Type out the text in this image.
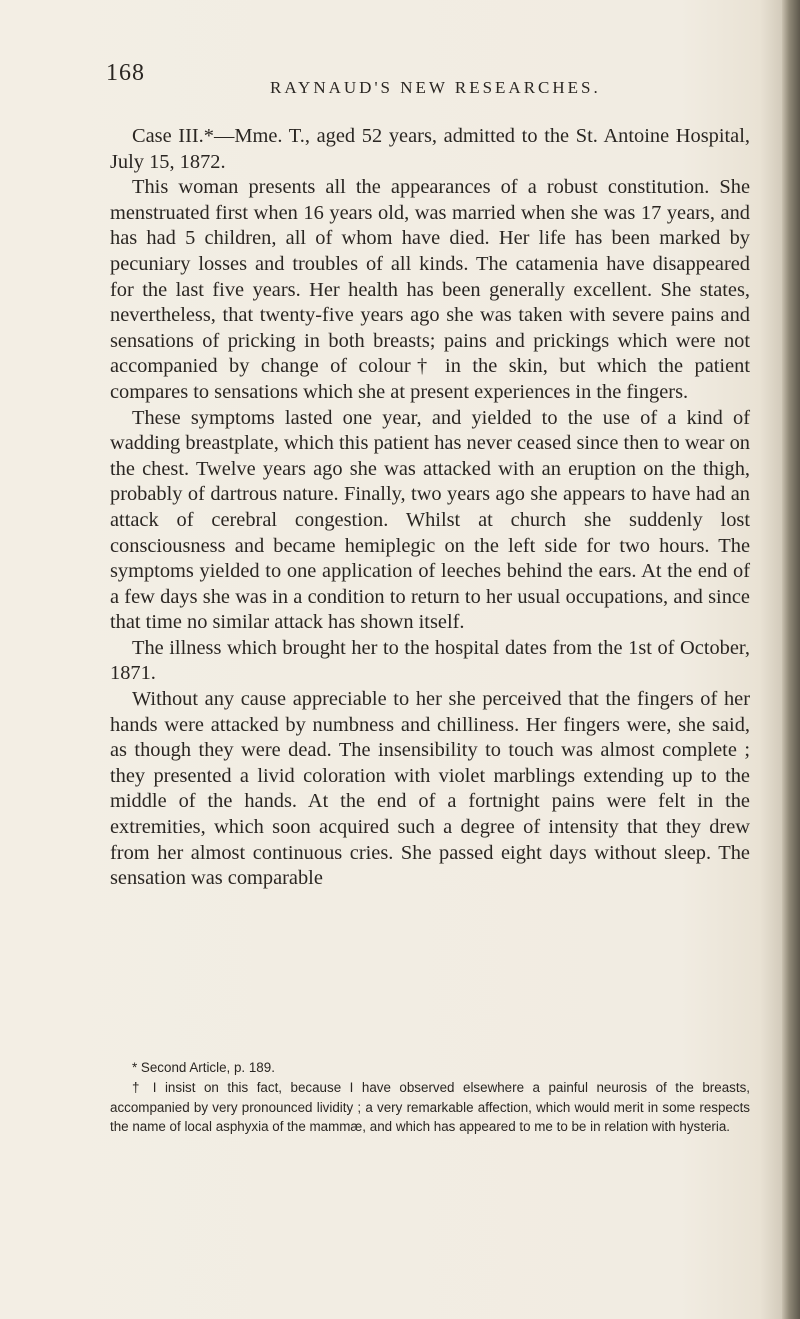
168
RAYNAUD'S NEW RESEARCHES.

Case III.*—Mme. T., aged 52 years, admitted to the St. Antoine Hospital, July 15, 1872.

This woman presents all the appearances of a robust constitution. She menstruated first when 16 years old, was married when she was 17 years, and has had 5 children, all of whom have died. Her life has been marked by pecuniary losses and troubles of all kinds. The catamenia have disappeared for the last five years. Her health has been generally excellent. She states, nevertheless, that twenty-five years ago she was taken with severe pains and sensations of pricking in both breasts; pains and prickings which were not accompanied by change of colour† in the skin, but which the patient compares to sensations which she at present experiences in the fingers.

These symptoms lasted one year, and yielded to the use of a kind of wadding breastplate, which this patient has never ceased since then to wear on the chest. Twelve years ago she was attacked with an eruption on the thigh, probably of dartrous nature. Finally, two years ago she appears to have had an attack of cerebral congestion. Whilst at church she suddenly lost consciousness and became hemiplegic on the left side for two hours. The symptoms yielded to one application of leeches behind the ears. At the end of a few days she was in a condition to return to her usual occupations, and since that time no similar attack has shown itself.

The illness which brought her to the hospital dates from the 1st of October, 1871.

Without any cause appreciable to her she perceived that the fingers of her hands were attacked by numbness and chilliness. Her fingers were, she said, as though they were dead. The insensibility to touch was almost complete ; they presented a livid coloration with violet marblings extending up to the middle of the hands. At the end of a fortnight pains were felt in the extremities, which soon acquired such a degree of intensity that they drew from her almost continuous cries. She passed eight days without sleep. The sensation was comparable

* Second Article, p. 189.

† I insist on this fact, because I have observed elsewhere a painful neurosis of the breasts, accompanied by very pronounced lividity ; a very remarkable affection, which would merit in some respects the name of local asphyxia of the mammæ, and which has appeared to me to be in relation with hysteria.
